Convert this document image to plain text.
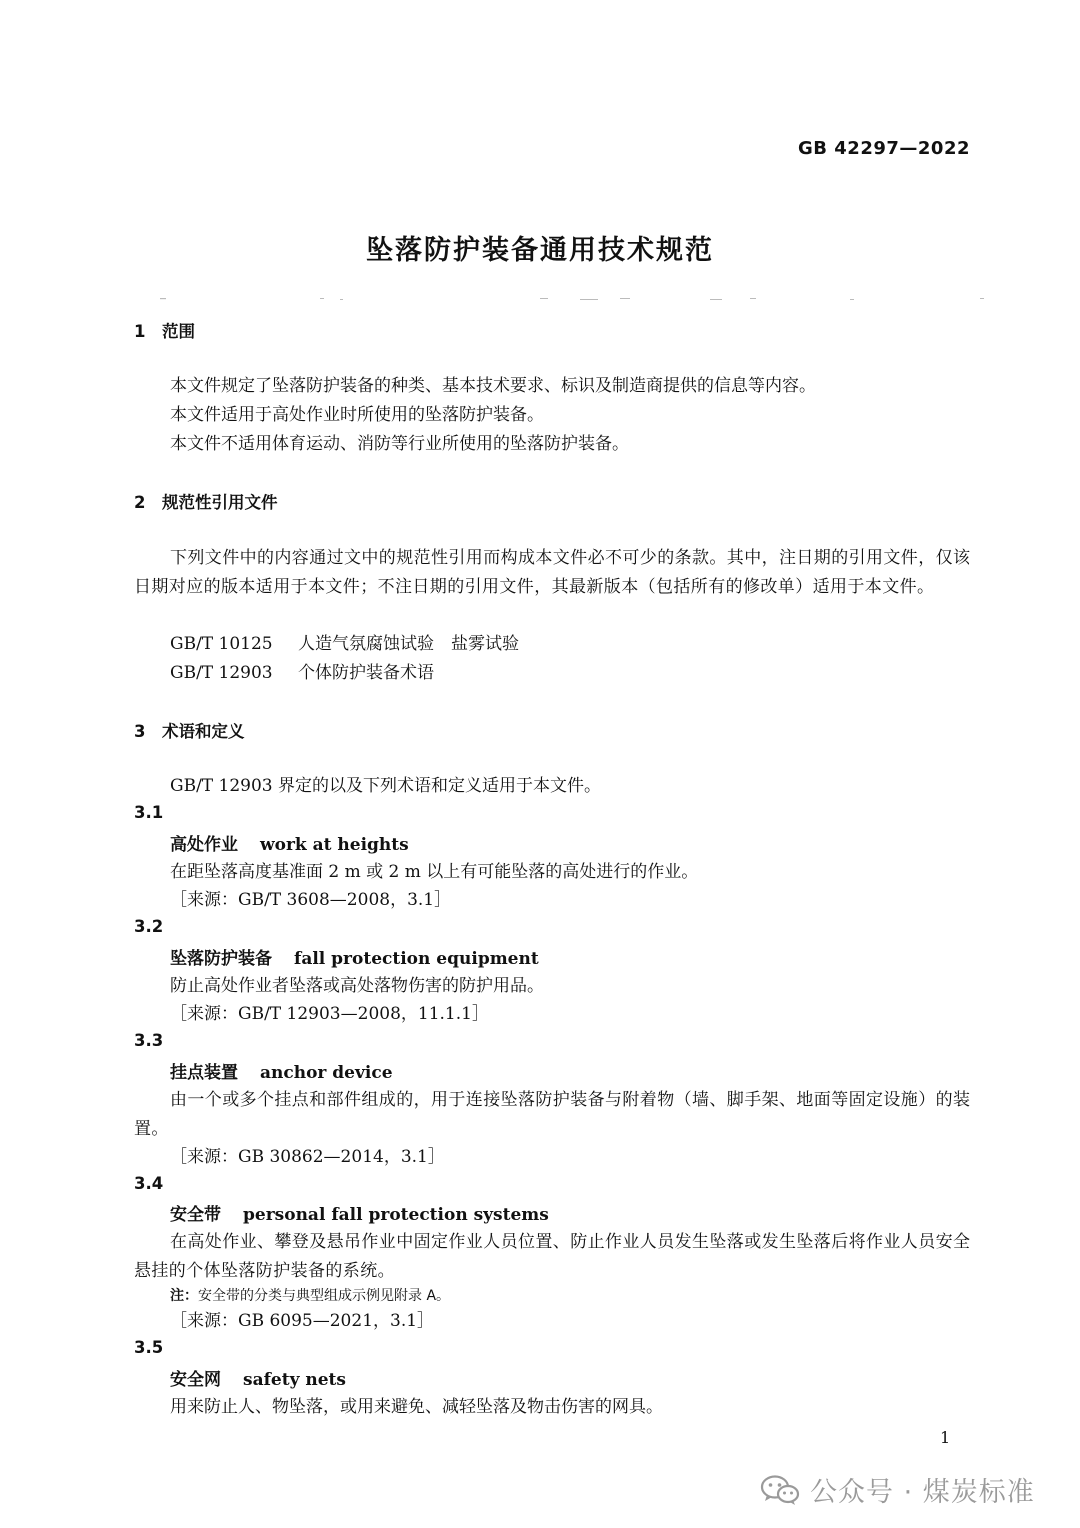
GB 42297—2022
坠落防护装备通用技术规范
1 范围
本文件规定了坠落防护装备的种类、基本技术要求、标识及制造商提供的信息等内容。
本文件适用于高处作业时所使用的坠落防护装备。
本文件不适用体育运动、消防等行业所使用的坠落防护装备。
2 规范性引用文件
下列文件中的内容通过文中的规范性引用而构成本文件必不可少的条款。其中，注日期的引用文件，仅该日期对应的版本适用于本文件；不注日期的引用文件，其最新版本（包括所有的修改单）适用于本文件。
GB/T 10125 人造气氛腐蚀试验　盐雾试验
GB/T 12903 个体防护装备术语
3 术语和定义
GB/T 12903 界定的以及下列术语和定义适用于本文件。
3.1
高处作业 work at heights
在距坠落高度基准面 2 m 或 2 m 以上有可能坠落的高处进行的作业。
［来源：GB/T 3608—2008，3.1］
3.2
坠落防护装备 fall protection equipment
防止高处作业者坠落或高处落物伤害的防护用品。
［来源：GB/T 12903—2008，11.1.1］
3.3
挂点装置 anchor device
由一个或多个挂点和部件组成的，用于连接坠落防护装备与附着物（墙、脚手架、地面等固定设施）的装置。
［来源：GB 30862—2014，3.1］
3.4
安全带 personal fall protection systems
在高处作业、攀登及悬吊作业中固定作业人员位置、防止作业人员发生坠落或发生坠落后将作业人员安全悬挂的个体坠落防护装备的系统。
注：安全带的分类与典型组成示例见附录 A。
［来源：GB 6095—2021，3.1］
3.5
安全网 safety nets
用来防止人、物坠落，或用来避免、减轻坠落及物击伤害的网具。
1
公众号 · 煤炭标准
